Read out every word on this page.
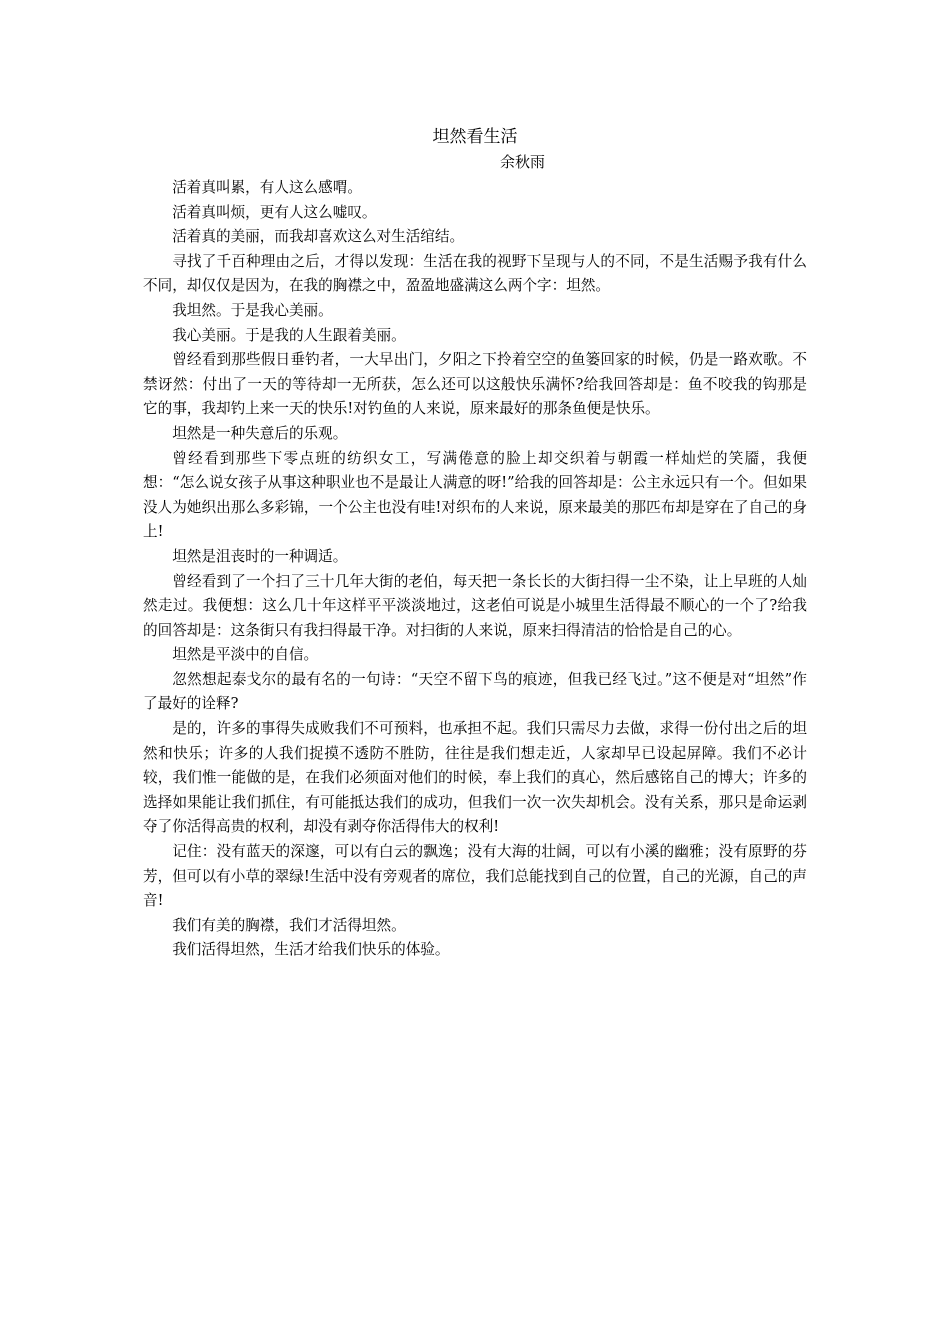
坦然看生活

余秋雨

活着真叫累，有人这么感喟。

活着真叫烦，更有人这么嘘叹。

活着真的美丽，而我却喜欢这么对生活绾结。

寻找了千百种理由之后，才得以发现：生活在我的视野下呈现与人的不同，不是生活赐予我有什么不同，却仅仅是因为，在我的胸襟之中，盈盈地盛满这么两个字：坦然。

我坦然。于是我心美丽。

我心美丽。于是我的人生跟着美丽。

曾经看到那些假日垂钓者，一大早出门，夕阳之下拎着空空的鱼篓回家的时候，仍是一路欢歌。不禁讶然：付出了一天的等待却一无所获，怎么还可以这般快乐满怀?给我回答却是：鱼不咬我的钩那是它的事，我却钓上来一天的快乐!对钓鱼的人来说，原来最好的那条鱼便是快乐。

坦然是一种失意后的乐观。

曾经看到那些下零点班的纺织女工，写满倦意的脸上却交织着与朝霞一样灿烂的笑靥，我便想：“怎么说女孩子从事这种职业也不是最让人满意的呀!”给我的回答却是：公主永远只有一个。但如果没人为她织出那么多彩锦，一个公主也没有哇!对织布的人来说，原来最美的那匹布却是穿在了自己的身上!

坦然是沮丧时的一种调适。

曾经看到了一个扫了三十几年大街的老伯，每天把一条长长的大街扫得一尘不染，让上早班的人灿然走过。我便想：这么几十年这样平平淡淡地过，这老伯可说是小城里生活得最不顺心的一个了?给我的回答却是：这条街只有我扫得最干净。对扫街的人来说，原来扫得清洁的恰恰是自己的心。

坦然是平淡中的自信。

忽然想起泰戈尔的最有名的一句诗：“天空不留下鸟的痕迹，但我已经飞过。”这不便是对“坦然”作了最好的诠释?

是的，许多的事得失成败我们不可预料，也承担不起。我们只需尽力去做，求得一份付出之后的坦然和快乐；许多的人我们捉摸不透防不胜防，往往是我们想走近，人家却早已设起屏障。我们不必计较，我们惟一能做的是，在我们必须面对他们的时候，奉上我们的真心，然后感铭自己的博大；许多的选择如果能让我们抓住，有可能抵达我们的成功，但我们一次一次失却机会。没有关系，那只是命运剥夺了你活得高贵的权利，却没有剥夺你活得伟大的权利!

记住：没有蓝天的深邃，可以有白云的飘逸；没有大海的壮阔，可以有小溪的幽雅；没有原野的芬芳，但可以有小草的翠绿!生活中没有旁观者的席位，我们总能找到自己的位置，自己的光源，自己的声音!

我们有美的胸襟，我们才活得坦然。

我们活得坦然，生活才给我们快乐的体验。
